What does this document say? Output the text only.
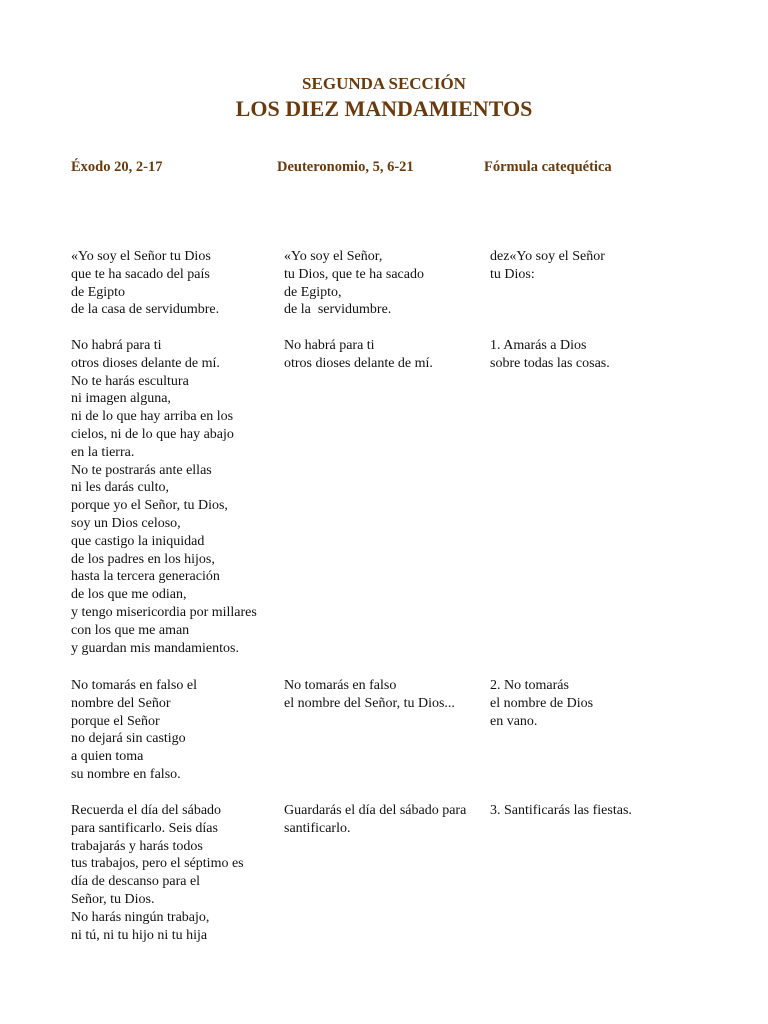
SEGUNDA SECCIÓN
LOS DIEZ MANDAMIENTOS
Éxodo 20, 2-17	Deuteronomio, 5, 6-21	Fórmula catequética
«Yo soy el Señor tu Dios
que te ha sacado del país
de Egipto
de la casa de servidumbre.
«Yo soy el Señor,
tu Dios, que te ha sacado
de Egipto,
de la  servidumbre.
dez«Yo soy el Señor
tu Dios:
No habrá para ti
otros dioses delante de mí.
No te harás escultura
ni imagen alguna,
ni de lo que hay arriba en los
cielos, ni de lo que hay abajo
en la tierra.
No te postrarás ante ellas
ni les darás culto,
porque yo el Señor, tu Dios,
soy un Dios celoso,
que castigo la iniquidad
de los padres en los hijos,
hasta la tercera generación
de los que me odian,
y tengo misericordia por millares
con los que me aman
y guardan mis mandamientos.
No habrá para ti
otros dioses delante de mí.
1. Amarás a Dios
sobre todas las cosas.
No tomarás en falso el
nombre del Señor
porque el Señor
no dejará sin castigo
a quien toma
su nombre en falso.
No tomarás en falso
el nombre del Señor, tu Dios...
2. No tomarás
el nombre de Dios
en vano.
Recuerda el día del sábado
para santificarlo. Seis días
trabajarás y harás todos
tus trabajos, pero el séptimo es
día de descanso para el
Señor, tu Dios.
No harás ningún trabajo,
ni tú, ni tu hijo ni tu hija
Guardarás el día del sábado para
santificarlo.
3. Santificarás las fiestas.
